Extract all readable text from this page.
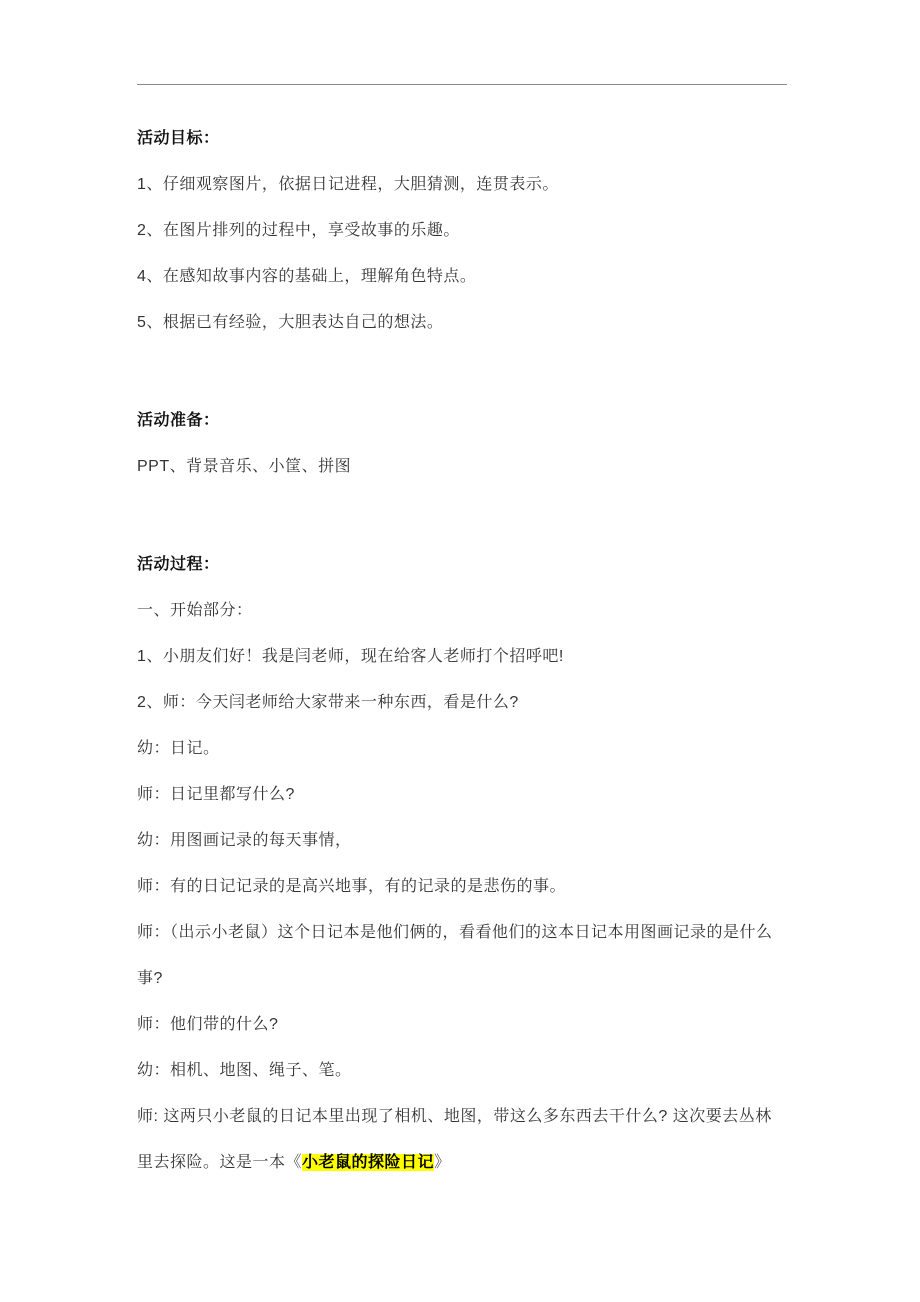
活动目标：

1、仔细观察图片，依据日记进程，大胆猜测，连贯表示。

2、在图片排列的过程中，享受故事的乐趣。

4、在感知故事内容的基础上，理解角色特点。

5、根据已有经验，大胆表达自己的想法。

活动准备：

PPT、背景音乐、小筐、拼图

活动过程：

一、开始部分：

1、小朋友们好！我是闫老师，现在给客人老师打个招呼吧!

2、师：今天闫老师给大家带来一种东西，看是什么?

幼：日记。

师：日记里都写什么?

幼：用图画记录的每天事情，

师：有的日记记录的是高兴地事，有的记录的是悲伤的事。

师：（出示小老鼠）这个日记本是他们俩的，看看他们的这本日记本用图画记录的是什么事?

师：他们带的什么?

幼：相机、地图、绳子、笔。

师: 这两只小老鼠的日记本里出现了相机、地图，带这么多东西去干什么? 这次要去丛林里去探险。这是一本《小老鼠的探险日记》
